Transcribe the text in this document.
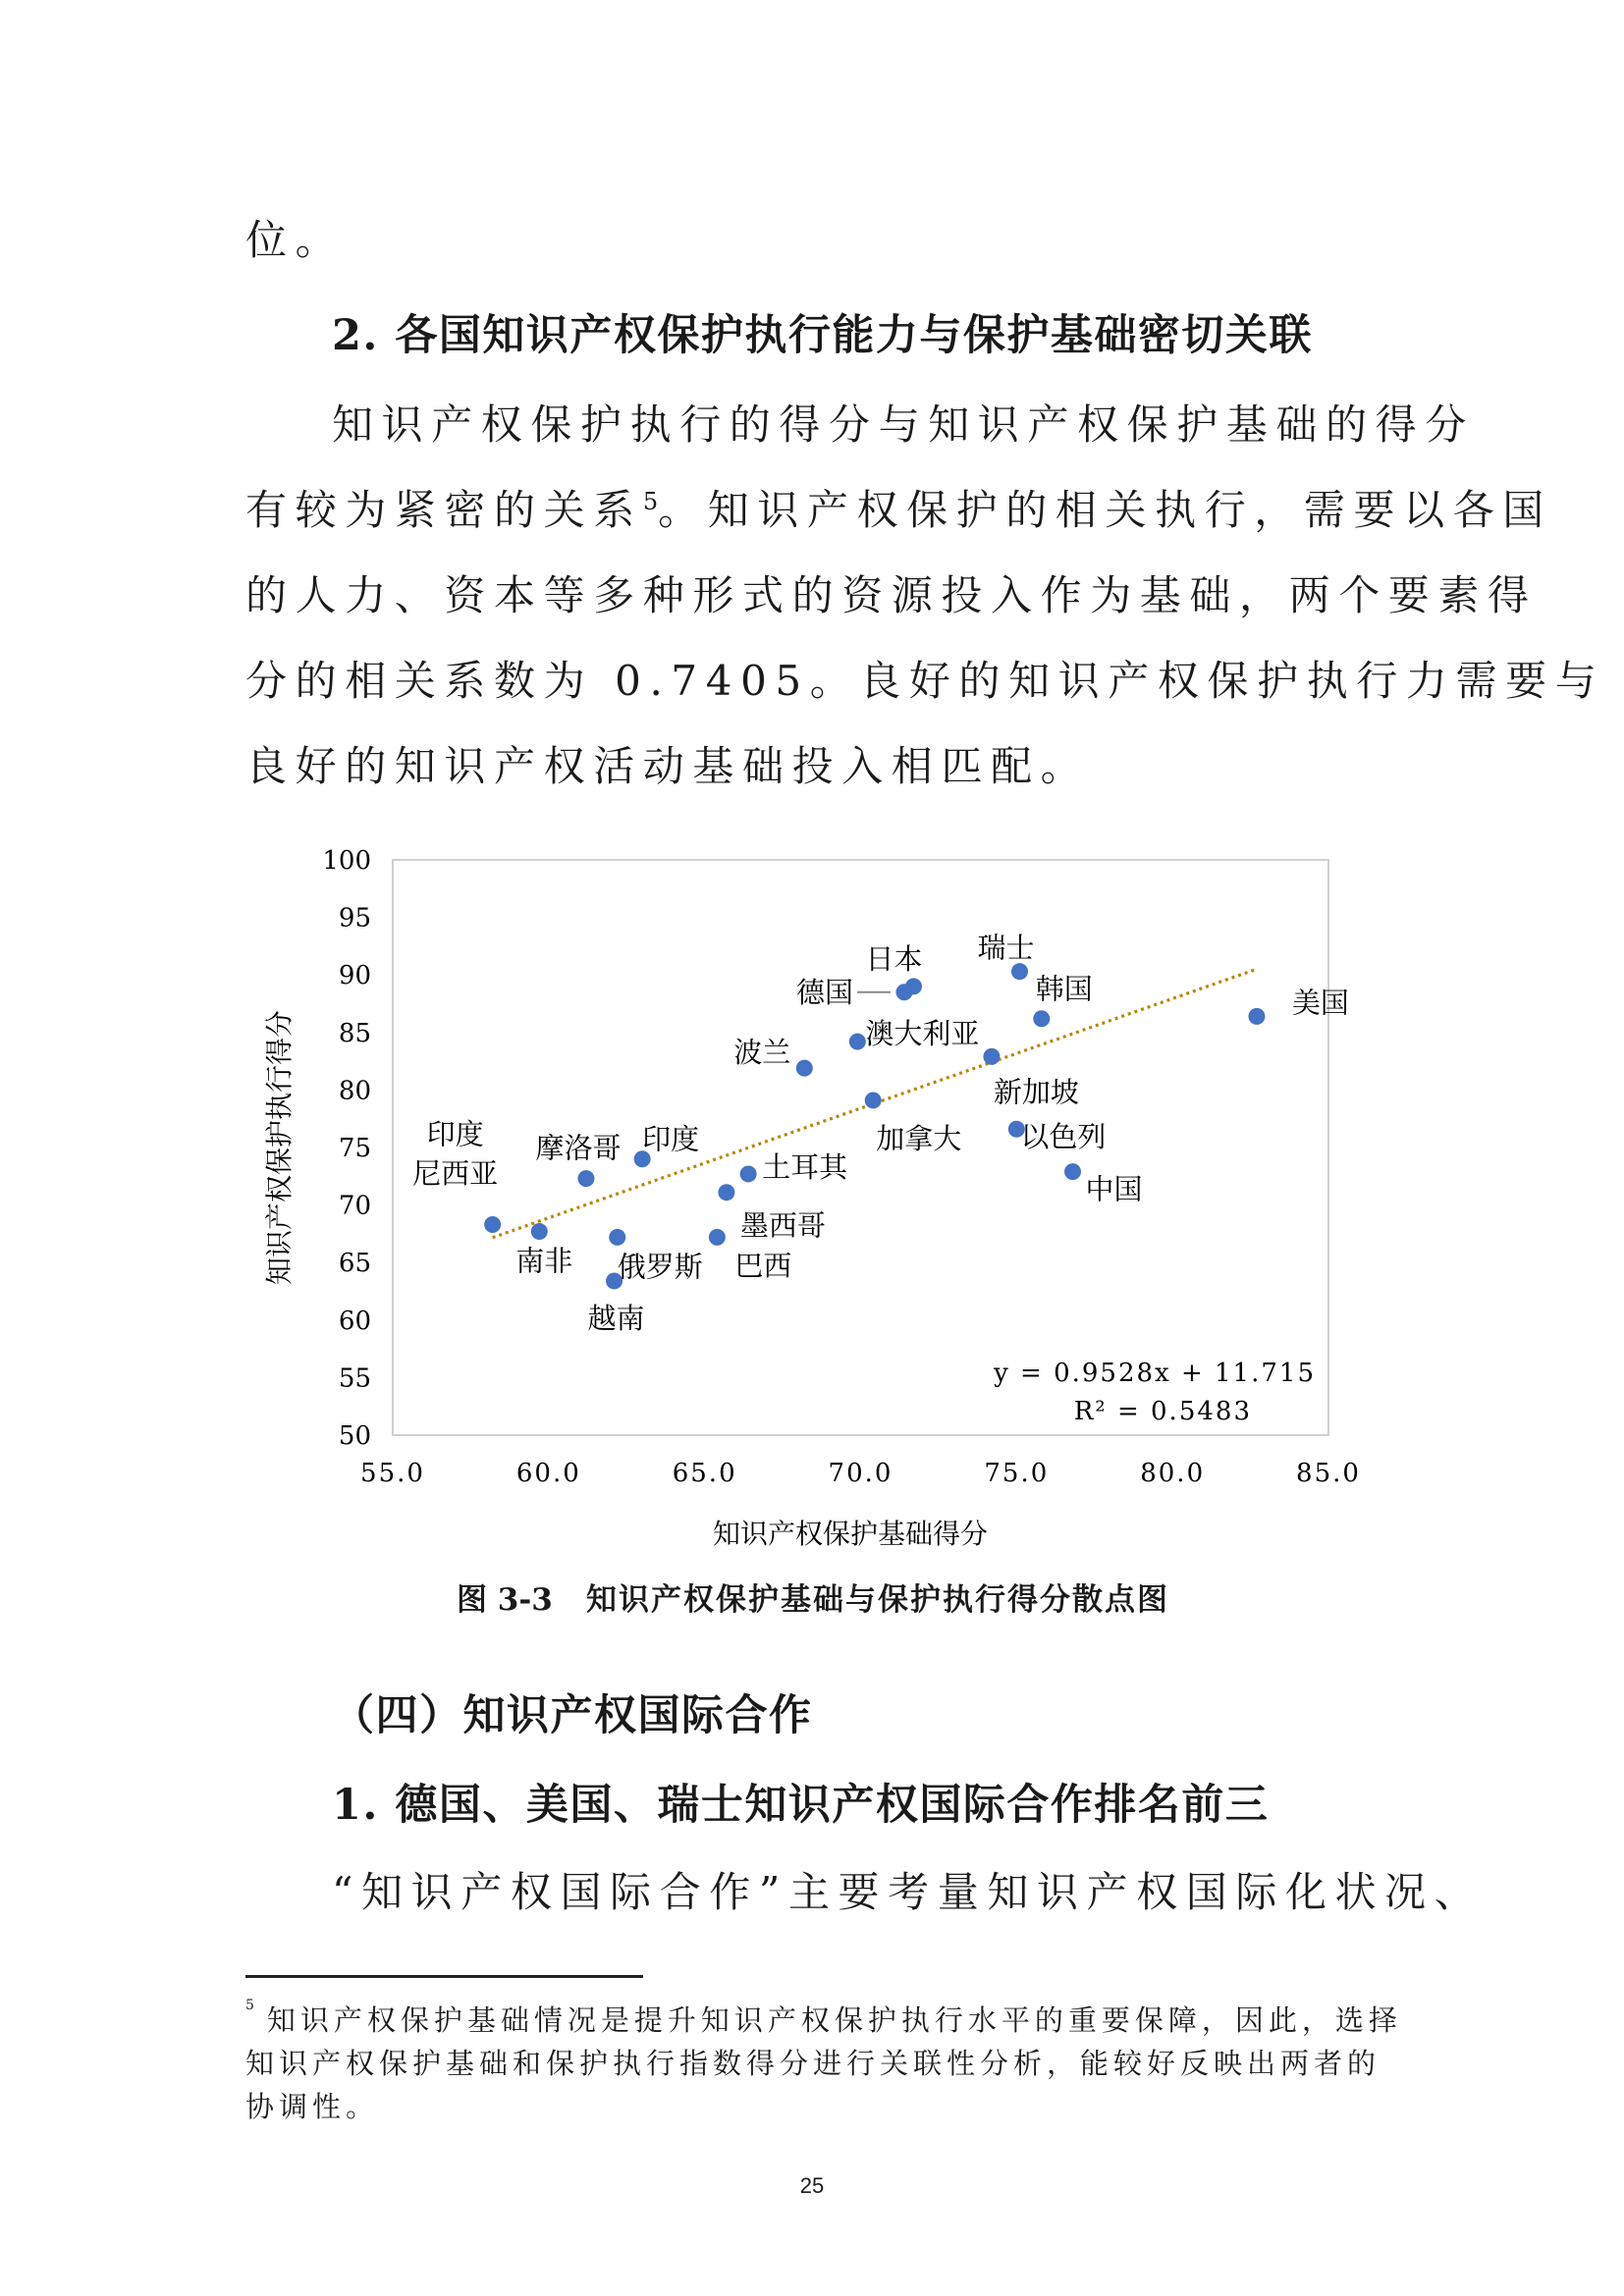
位。
2. 各国知识产权保护执行能力与保护基础密切关联
知识产权保护执行的得分与知识产权保护基础的得分
有较为紧密的关系$^5$。知识产权保护的相关执行，需要以各国
的人力、资本等多种形式的资源投入作为基础，两个要素得
分的相关系数为 0.7405。良好的知识产权保护执行力需要与
良好的知识产权活动基础投入相匹配。
50
55
60
65
70
75
80
85
90
95
100
55.0	60.0	65.0	70.0	75.0	80.0	85.0
美国
瑞士
日本
德国	韩国
澳大利亚
新加坡
波兰
加拿大 以色列
中国
印度
摩洛哥
土耳其
墨西哥
印度
尼西亚
南非 俄罗斯 巴西
越南
y = 0.9528x + 11.715
R² = 0.5483
知识产权保护基础得分
知识产权保护执行得分
图 3-3 知识产权保护基础与保护执行得分散点图
（四）知识产权国际合作
1. 德国、美国、瑞士知识产权国际合作排名前三
“知识产权国际合作”主要考量知识产权国际化状况、
$^5$ 知识产权保护基础情况是提升知识产权保护执行水平的重要保障，因此，选择
知识产权保护基础和保护执行指数得分进行关联性分析，能较好反映出两者的
协调性。
25
